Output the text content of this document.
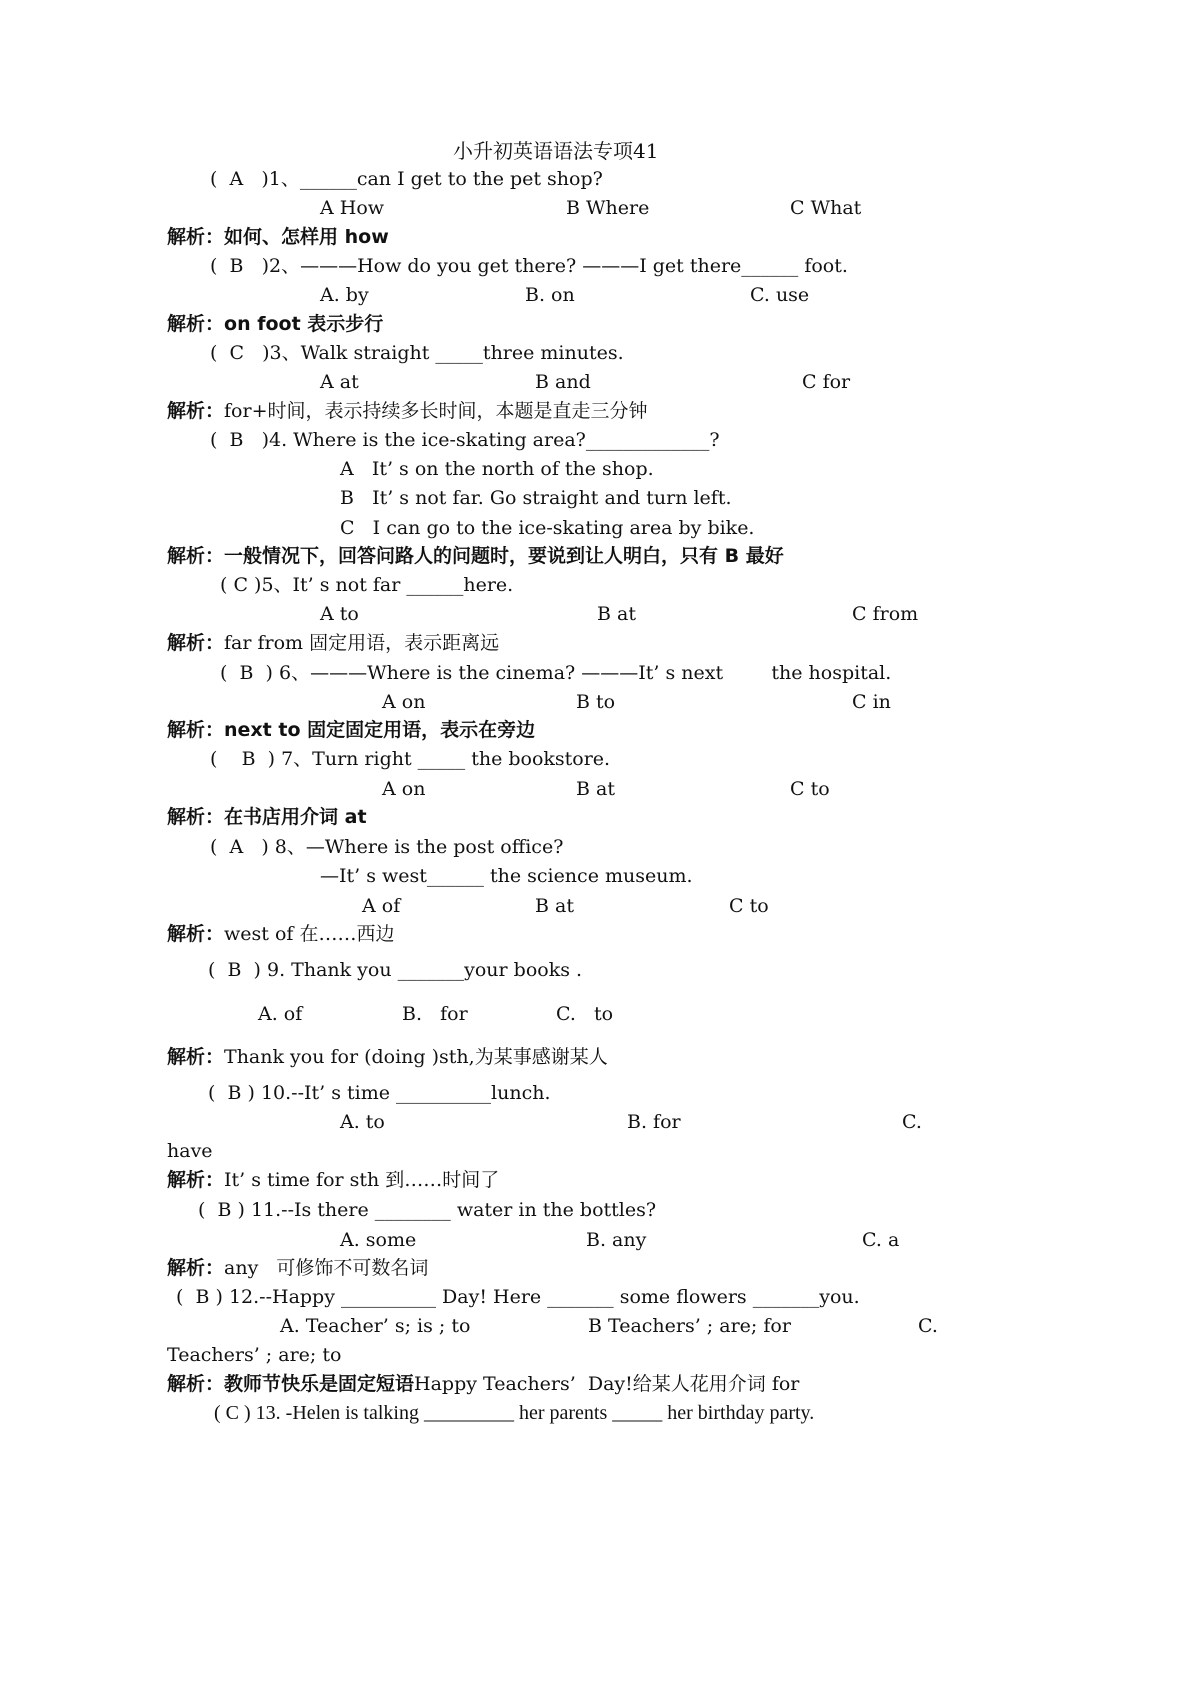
小升初英语语法专项41
(  A   )1、______can I get to the pet shop?
A How	B Where	C What
解析：如何、怎样用 how
(  B   )2、———How do you get there? ———I get there______ foot.
A. by	B. on	C. use
解析：on foot 表示步行
(  C   )3、Walk straight _____three minutes.
A at	B and	C for
解析：for+时间，表示持续多长时间，本题是直走三分钟
(  B   )4. Where is the ice-skating area?_____________?
A   It’ s on the north of the shop.
B   It’ s not far. Go straight and turn left.
C   I can go to the ice-skating area by bike.
解析：一般情况下，回答问路人的问题时，要说到让人明白，只有 B 最好
( C )5、It’ s not far ______here.
A to	B at	C from
解析：far from 固定用语，表示距离远
(  B  ) 6、———Where is the cinema? ———It’ s next        the hospital.
A on	B to	C in
解析：next to 固定固定用语，表示在旁边
(    B  ) 7、Turn right _____ the bookstore.
A on	B at	C to
解析：在书店用介词 at
(  A   ) 8、—Where is the post office?
—It’ s west______ the science museum.
A of	B at	C to
解析：west of 在……西边
(  B  ) 9. Thank you _______your books .
A. of	B.   for	C.   to
解析：Thank you for (doing )sth,为某事感谢某人
(  B ) 10.--It’ s time __________lunch.
A. to	B. for	C.
have
解析：It’ s time for sth 到……时间了
(  B ) 11.--Is there ________ water in the bottles?
A. some	B. any	C. a
解析：any   可修饰不可数名词
(  B ) 12.--Happy __________ Day! Here _______ some flowers _______you.
A. Teacher’ s; is ; to	B Teachers’ ; are; for	C.
Teachers’ ; are; to
解析：教师节快乐是固定短语Happy Teachers’  Day!给某人花用介词 for
( C ) 13. -Helen is talking _________ her parents _____ her birthday party.
